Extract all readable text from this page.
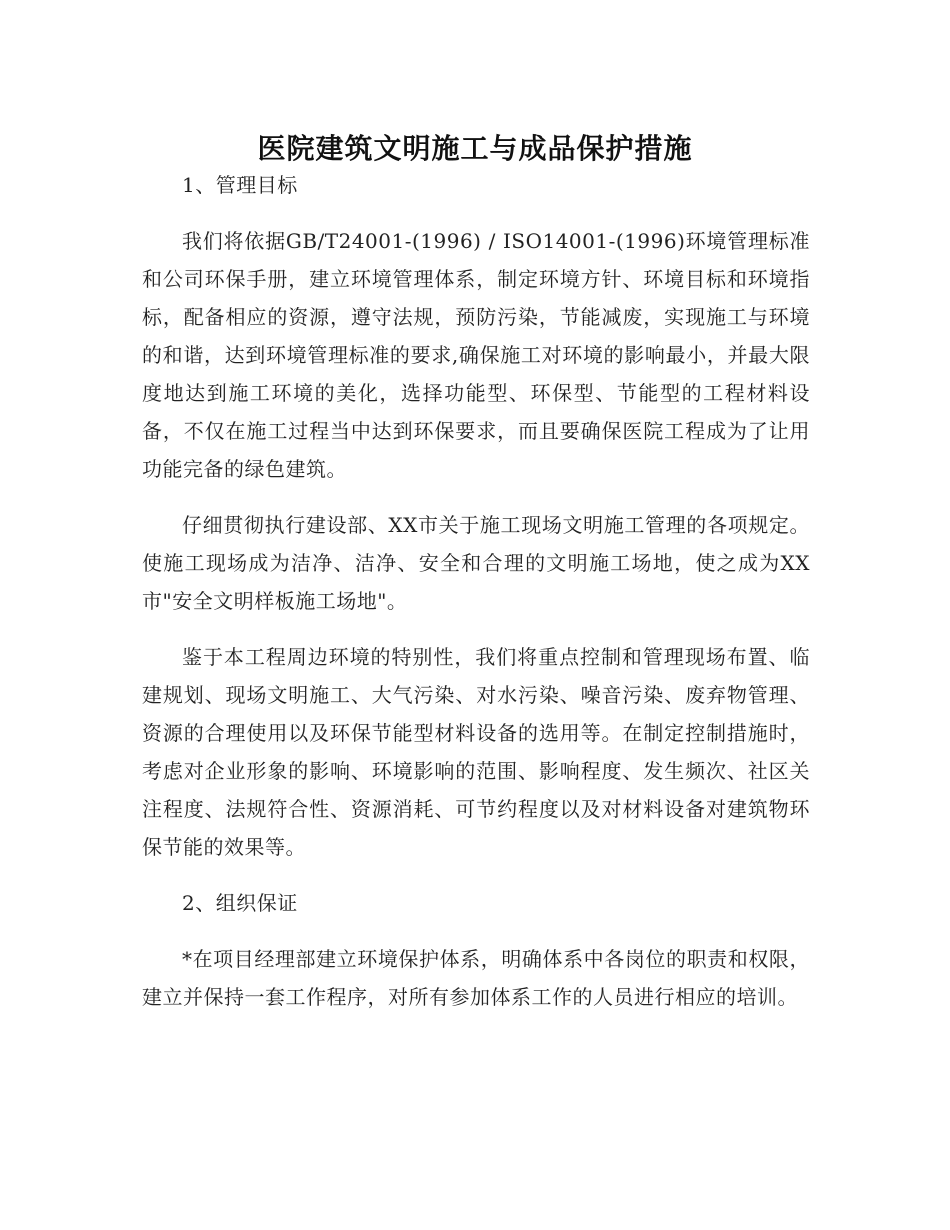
医院建筑文明施工与成品保护措施
1、管理目标

我们将依据GB/T24001-(1996) / ISO14001-(1996)环境管理标准和公司环保手册，建立环境管理体系，制定环境方针、环境目标和环境指标，配备相应的资源，遵守法规，预防污染，节能减废，实现施工与环境的和谐，达到环境管理标准的要求,确保施工对环境的影响最小，并最大限度地达到施工环境的美化，选择功能型、环保型、节能型的工程材料设备，不仅在施工过程当中达到环保要求，而且要确保医院工程成为了让用功能完备的绿色建筑。

仔细贯彻执行建设部、XX市关于施工现场文明施工管理的各项规定。使施工现场成为洁净、洁净、安全和合理的文明施工场地，使之成为XX市"安全文明样板施工场地"。

鉴于本工程周边环境的特别性，我们将重点控制和管理现场布置、临建规划、现场文明施工、大气污染、对水污染、噪音污染、废弃物管理、资源的合理使用以及环保节能型材料设备的选用等。在制定控制措施时，考虑对企业形象的影响、环境影响的范围、影响程度、发生频次、社区关注程度、法规符合性、资源消耗、可节约程度以及对材料设备对建筑物环保节能的效果等。

2、组织保证

*在项目经理部建立环境保护体系，明确体系中各岗位的职责和权限，建立并保持一套工作程序，对所有参加体系工作的人员进行相应的培训。
